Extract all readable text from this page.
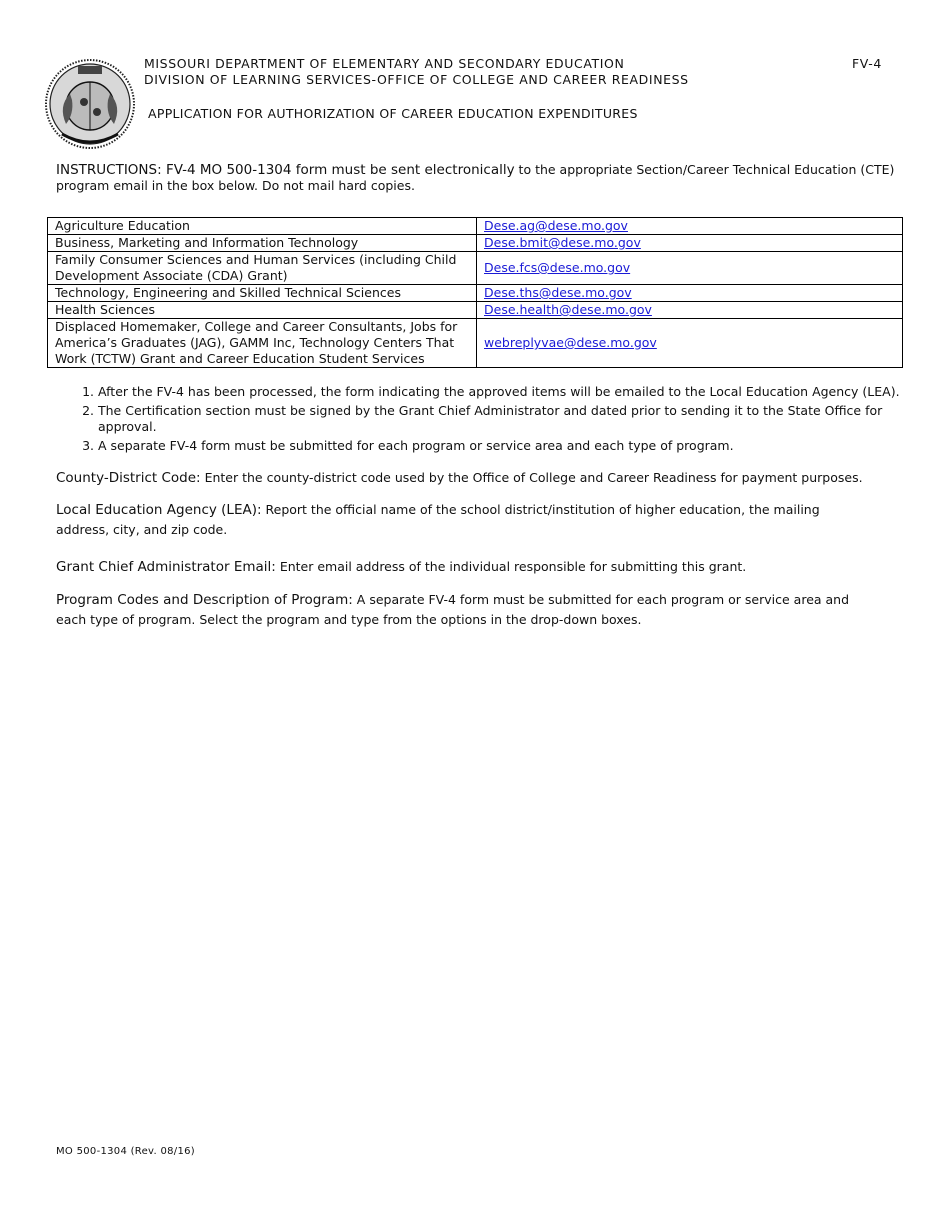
MISSOURI DEPARTMENT OF ELEMENTARY AND SECONDARY EDUCATION
DIVISION OF LEARNING SERVICES-OFFICE OF COLLEGE AND CAREER READINESS
FV-4
APPLICATION FOR AUTHORIZATION OF CAREER EDUCATION EXPENDITURES
INSTRUCTIONS: FV-4 MO 500-1304 form must be sent electronically to the appropriate Section/Career Technical Education (CTE) program email in the box below. Do not mail hard copies.
Agriculture Education	Dese.ag@dese.mo.gov
Business, Marketing and Information Technology	Dese.bmit@dese.mo.gov
Family Consumer Sciences and Human Services (including Child Development Associate (CDA) Grant)	Dese.fcs@dese.mo.gov
Technology, Engineering and Skilled Technical Sciences	Dese.ths@dese.mo.gov
Health Sciences	Dese.health@dese.mo.gov
Displaced Homemaker, College and Career Consultants, Jobs for America’s Graduates (JAG), GAMM Inc, Technology Centers That Work (TCTW) Grant and Career Education Student Services	webreplyvae@dese.mo.gov
1. After the FV-4 has been processed, the form indicating the approved items will be emailed to the Local Education Agency (LEA).
2. The Certification section must be signed by the Grant Chief Administrator and dated prior to sending it to the State Office for approval.
3. A separate FV-4 form must be submitted for each program or service area and each type of program.
County-District Code: Enter the county-district code used by the Office of College and Career Readiness for payment purposes.
Local Education Agency (LEA): Report the official name of the school district/institution of higher education, the mailing address, city, and zip code.
Grant Chief Administrator Email: Enter email address of the individual responsible for submitting this grant.
Program Codes and Description of Program: A separate FV-4 form must be submitted for each program or service area and each type of program. Select the program and type from the options in the drop-down boxes.
MO 500-1304 (Rev. 08/16)
